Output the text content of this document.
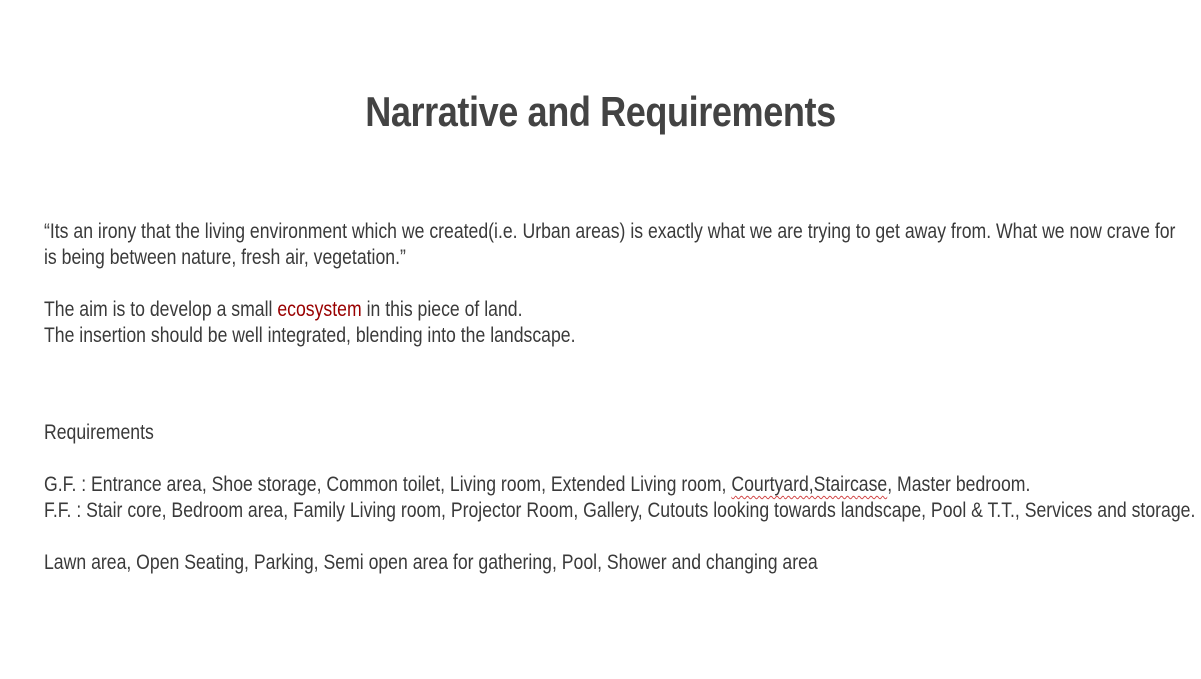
Narrative and Requirements
“Its an irony that the living environment which we created(i.e. Urban areas) is exactly what we are trying to get away from. What we now crave for
is being between nature, fresh air, vegetation.”
The aim is to develop a small ecosystem in this piece of land.
The insertion should be well integrated, blending into the landscape.
Requirements
G.F. : Entrance area, Shoe storage, Common toilet, Living room, Extended Living room, Courtyard,Staircase, Master bedroom.
F.F. : Stair core, Bedroom area, Family Living room, Projector Room, Gallery, Cutouts looking towards landscape, Pool & T.T., Services and storage.
Lawn area, Open Seating, Parking, Semi open area for gathering, Pool, Shower and changing area
